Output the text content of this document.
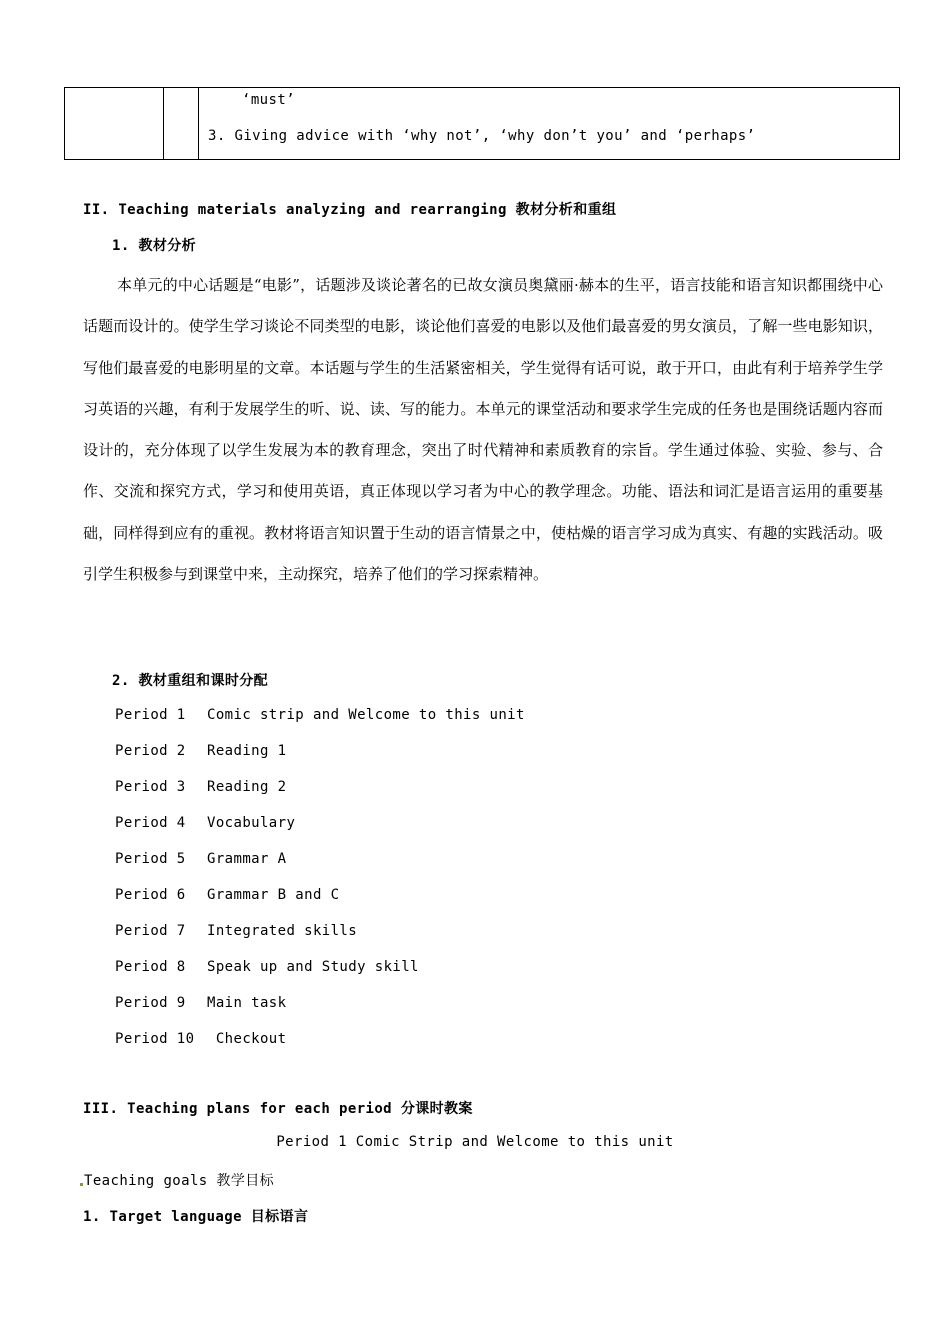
‘must’
3. Giving advice with ‘why not’, ‘why don’t you’ and ‘perhaps’
II. Teaching materials analyzing and rearranging 教材分析和重组
1. 教材分析
本单元的中心话题是“电影”，话题涉及谈论著名的已故女演员奥黛丽·赫本的生平，语言技能和语言知识都围绕中心话题而设计的。使学生学习谈论不同类型的电影，谈论他们喜爱的电影以及他们最喜爱的男女演员，了解一些电影知识，写他们最喜爱的电影明星的文章。本话题与学生的生活紧密相关，学生觉得有话可说，敢于开口，由此有利于培养学生学习英语的兴趣，有利于发展学生的听、说、读、写的能力。本单元的课堂活动和要求学生完成的任务也是围绕话题内容而设计的，充分体现了以学生发展为本的教育理念，突出了时代精神和素质教育的宗旨。学生通过体验、实验、参与、合作、交流和探究方式，学习和使用英语，真正体现以学习者为中心的教学理念。功能、语法和词汇是语言运用的重要基础，同样得到应有的重视。教材将语言知识置于生动的语言情景之中，使枯燥的语言学习成为真实、有趣的实践活动。吸引学生积极参与到课堂中来，主动探究，培养了他们的学习探索精神。
2. 教材重组和课时分配
Period 1 Comic strip and Welcome to this unit
Period 2 Reading 1
Period 3 Reading 2
Period 4 Vocabulary
Period 5 Grammar A
Period 6 Grammar B and C
Period 7 Integrated skills
Period 8 Speak up and Study skill
Period 9 Main task
Period 10 Checkout
III. Teaching plans for each period 分课时教案
Period 1 Comic Strip and Welcome to this unit
Teaching goals 教学目标
1. Target language 目标语言
